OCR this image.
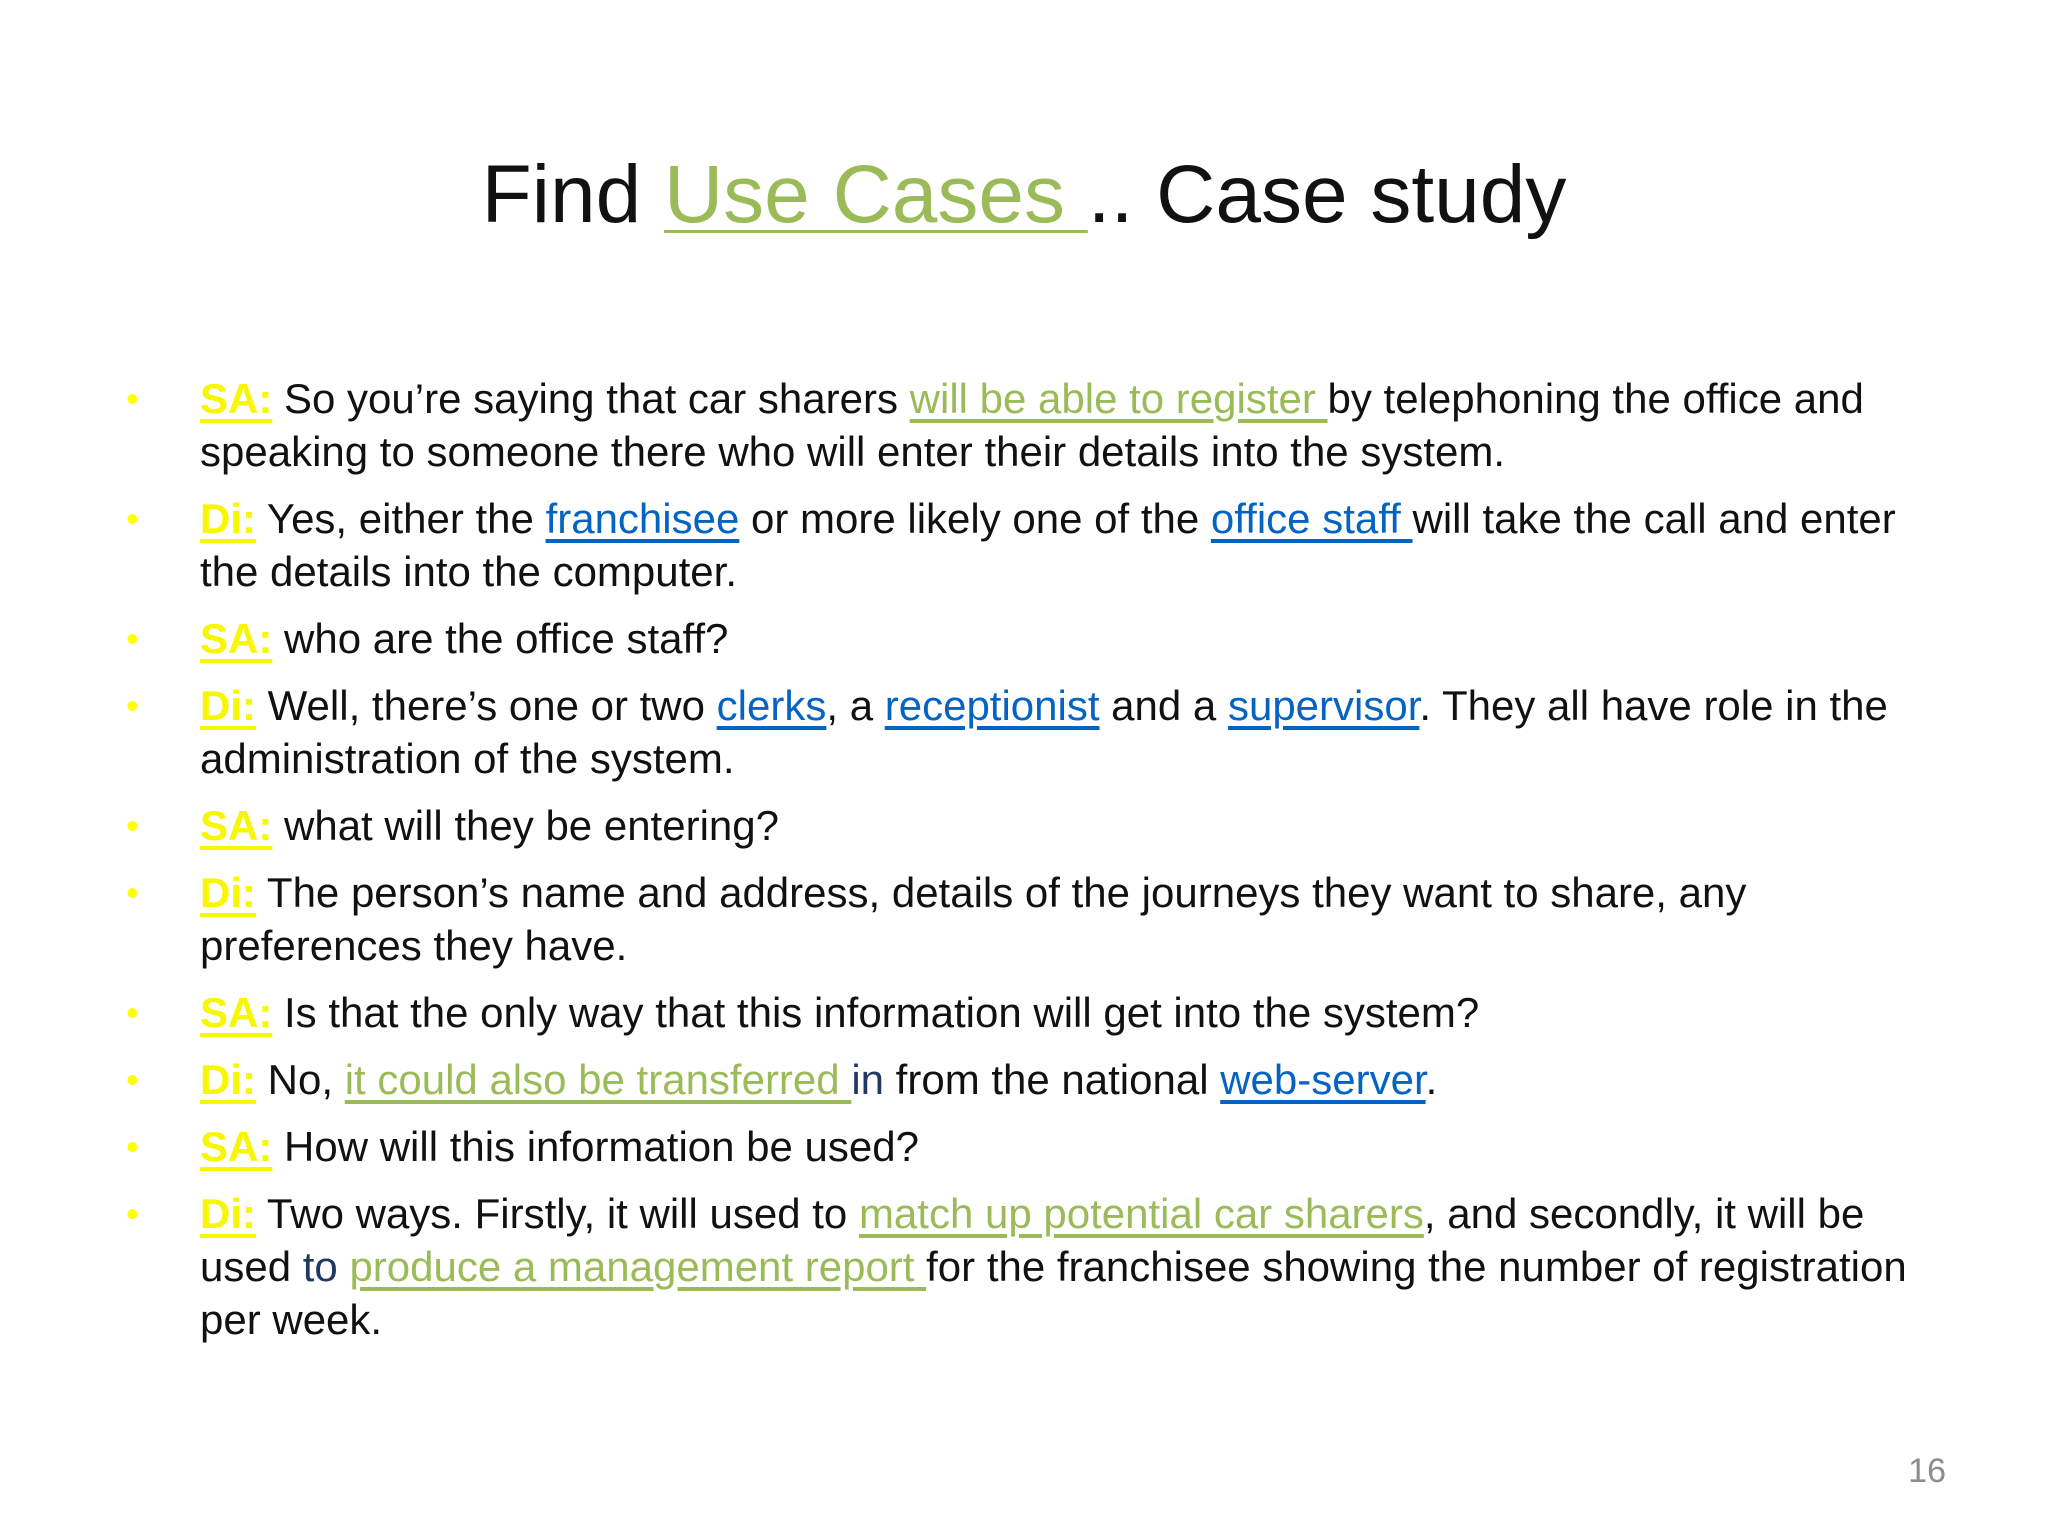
Find Use Cases .. Case study
• SA: So you’re saying that car sharers will be able to register by telephoning the office and speaking to someone there who will enter their details into the system.
• Di: Yes, either the franchisee or more likely one of the office staff will take the call and enter the details into the computer.
• SA: who are the office staff?
• Di: Well, there’s one or two clerks, a receptionist and a supervisor. They all have role in the administration of the system.
• SA: what will they be entering?
• Di: The person’s name and address, details of the journeys they want to share, any preferences they have.
• SA: Is that the only way that this information will get into the system?
• Di: No, it could also be transferred in from the national web-server.
• SA: How will this information be used?
• Di: Two ways. Firstly, it will used to match up potential car sharers, and secondly, it will be used to produce a management report for the franchisee showing the number of registration per week.
16
